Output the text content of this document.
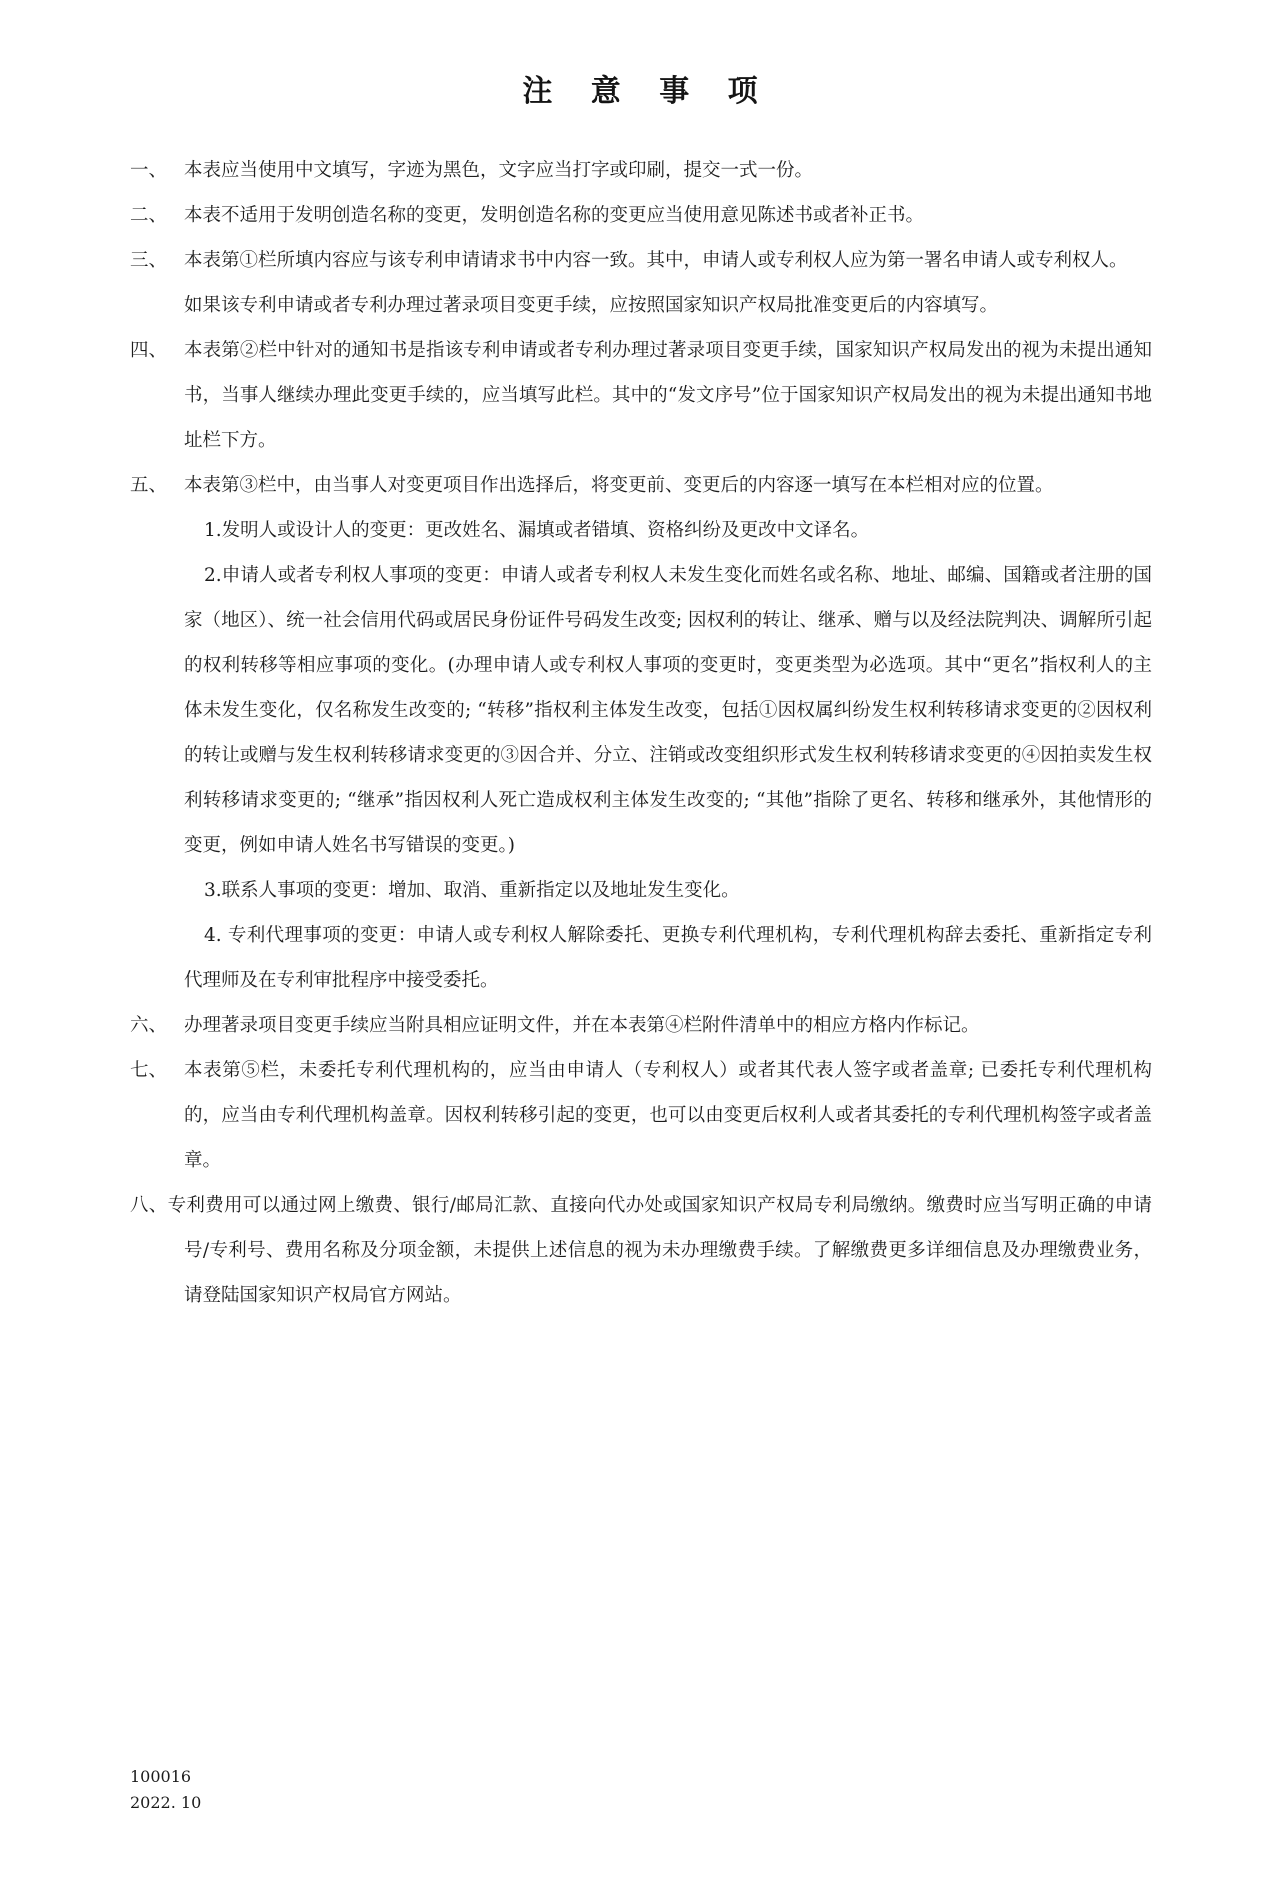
注 意 事 项
一、 本表应当使用中文填写，字迹为黑色，文字应当打字或印刷，提交一式一份。
二、 本表不适用于发明创造名称的变更，发明创造名称的变更应当使用意见陈述书或者补正书。
三、 本表第①栏所填内容应与该专利申请请求书中内容一致。其中，申请人或专利权人应为第一署名申请人或专利权人。
如果该专利申请或者专利办理过著录项目变更手续，应按照国家知识产权局批准变更后的内容填写。
四、 本表第②栏中针对的通知书是指该专利申请或者专利办理过著录项目变更手续，国家知识产权局发出的视为未提出通知书，当事人继续办理此变更手续的，应当填写此栏。其中的“发文序号”位于国家知识产权局发出的视为未提出通知书地址栏下方。
五、 本表第③栏中，由当事人对变更项目作出选择后，将变更前、变更后的内容逐一填写在本栏相对应的位置。
1.发明人或设计人的变更：更改姓名、漏填或者错填、资格纠纷及更改中文译名。
2.申请人或者专利权人事项的变更：申请人或者专利权人未发生变化而姓名或名称、地址、邮编、国籍或者注册的国家（地区）、统一社会信用代码或居民身份证件号码发生改变; 因权利的转让、继承、赠与以及经法院判决、调解所引起的权利转移等相应事项的变化。(办理申请人或专利权人事项的变更时，变更类型为必选项。其中“更名”指权利人的主体未发生变化，仅名称发生改变的; “转移”指权利主体发生改变，包括①因权属纠纷发生权利转移请求变更的②因权利的转让或赠与发生权利转移请求变更的③因合并、分立、注销或改变组织形式发生权利转移请求变更的④因拍卖发生权利转移请求变更的; “继承”指因权利人死亡造成权利主体发生改变的; “其他”指除了更名、转移和继承外，其他情形的变更，例如申请人姓名书写错误的变更。)
3.联系人事项的变更：增加、取消、重新指定以及地址发生变化。
4. 专利代理事项的变更：申请人或专利权人解除委托、更换专利代理机构，专利代理机构辞去委托、重新指定专利代理师及在专利审批程序中接受委托。
六、 办理著录项目变更手续应当附具相应证明文件，并在本表第④栏附件清单中的相应方格内作标记。
七、 本表第⑤栏，未委托专利代理机构的，应当由申请人（专利权人）或者其代表人签字或者盖章; 已委托专利代理机构的，应当由专利代理机构盖章。因权利转移引起的变更，也可以由变更后权利人或者其委托的专利代理机构签字或者盖章。
八、专利费用可以通过网上缴费、银行/邮局汇款、直接向代办处或国家知识产权局专利局缴纳。缴费时应当写明正确的申请号/专利号、费用名称及分项金额，未提供上述信息的视为未办理缴费手续。了解缴费更多详细信息及办理缴费业务，请登陆国家知识产权局官方网站。
100016
2022. 10
